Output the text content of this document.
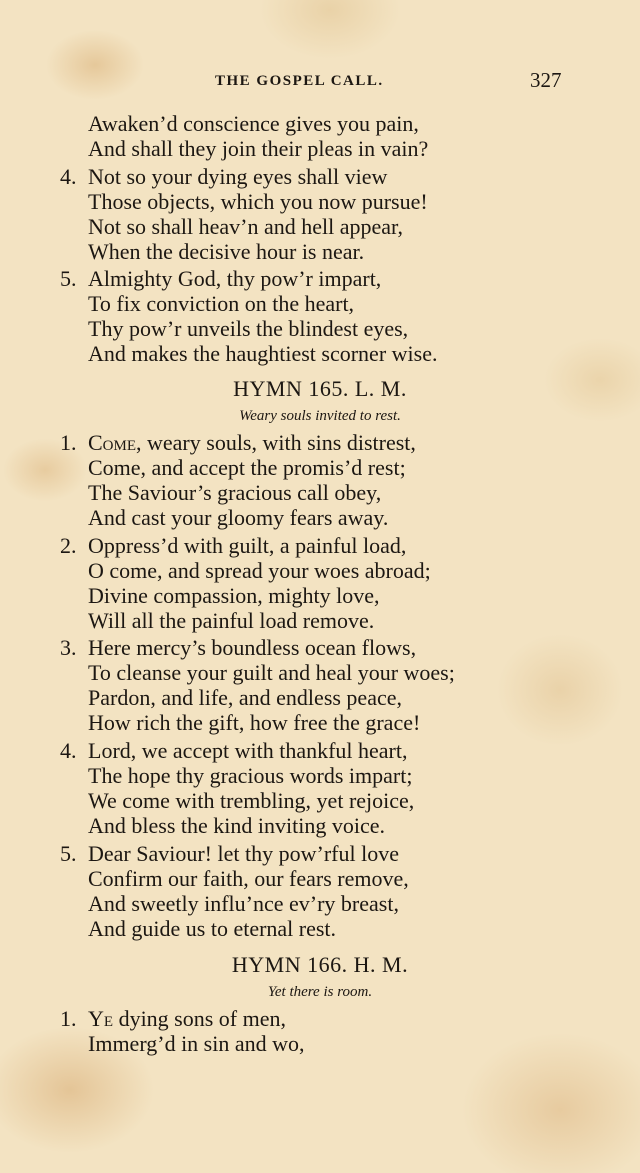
THE GOSPEL CALL.	327
Awaken’d conscience gives you pain,
And shall they join their pleas in vain?
4. Not so your dying eyes shall view
Those objects, which you now pursue!
Not so shall heav’n and hell appear,
When the decisive hour is near.
5. Almighty God, thy pow’r impart,
To fix conviction on the heart,
Thy pow’r unveils the blindest eyes,
And makes the haughtiest scorner wise.
HYMN 165. L. M.
Weary souls invited to rest.
1. Come, weary souls, with sins distrest,
Come, and accept the promis’d rest;
The Saviour’s gracious call obey,
And cast your gloomy fears away.
2. Oppress’d with guilt, a painful load,
O come, and spread your woes abroad;
Divine compassion, mighty love,
Will all the painful load remove.
3. Here mercy’s boundless ocean flows,
To cleanse your guilt and heal your woes;
Pardon, and life, and endless peace,
How rich the gift, how free the grace!
4. Lord, we accept with thankful heart,
The hope thy gracious words impart;
We come with trembling, yet rejoice,
And bless the kind inviting voice.
5. Dear Saviour! let thy pow’rful love
Confirm our faith, our fears remove,
And sweetly influ’nce ev’ry breast,
And guide us to eternal rest.
HYMN 166. H. M.
Yet there is room.
1. Ye dying sons of men,
Immerg’d in sin and wo,
